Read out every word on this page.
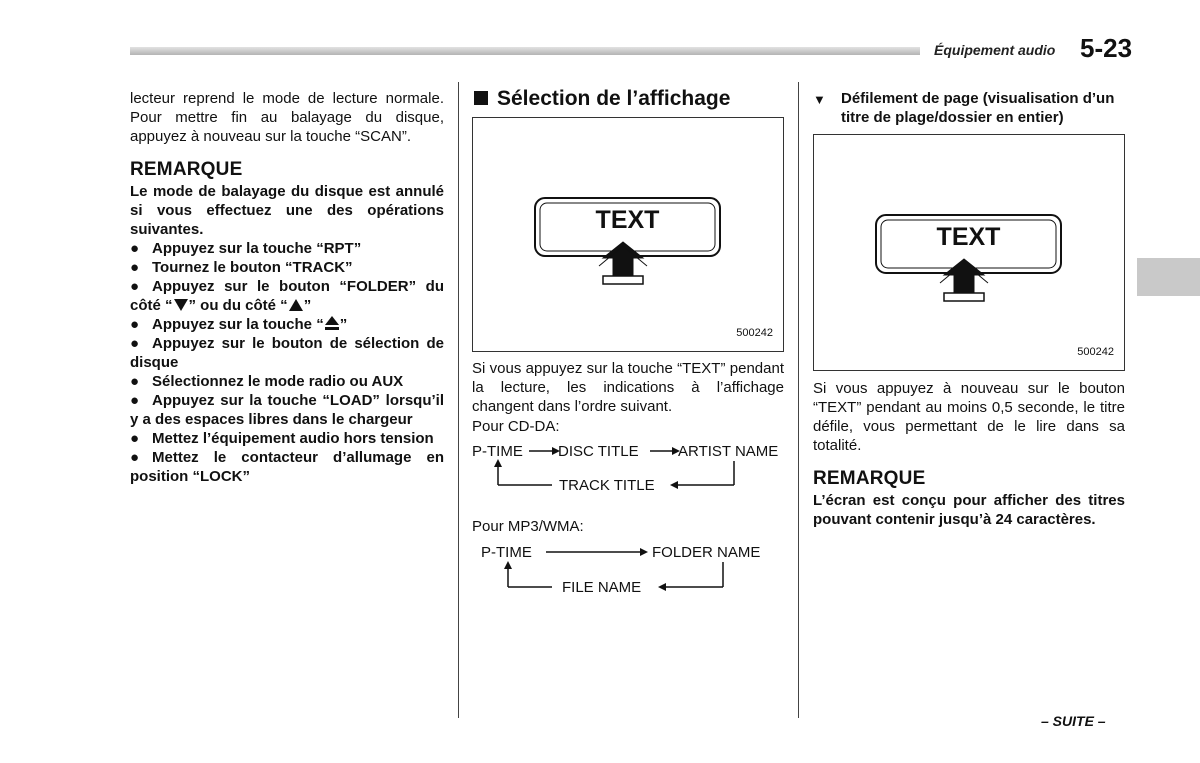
Équipement audio 5-23
lecteur reprend le mode de lecture normale. Pour mettre fin au balayage du disque, appuyez à nouveau sur la touche “SCAN”.
REMARQUE
Le mode de balayage du disque est annulé si vous effectuez une des opérations suivantes.
● Appuyez sur la touche “RPT”
● Tournez le bouton “TRACK”
● Appuyez sur le bouton “FOLDER” du côté “ ” ou du côté “ ”
● Appuyez sur la touche “ ”
● Appuyez sur le bouton de sélection de disque
● Sélectionnez le mode radio ou AUX
● Appuyez sur la touche “LOAD” lorsqu’il y a des espaces libres dans le chargeur
● Mettez l’équipement audio hors tension
● Mettez le contacteur d’allumage en position “LOCK”
Sélection de l’affichage
TEXT
500242
Si vous appuyez sur la touche “TEXT” pendant la lecture, les indications à l’affichage changent dans l’ordre suivant.
Pour CD-DA:
P-TIME DISC TITLE	ARTIST NAME
TRACK TITLE
Pour MP3/WMA:
P-TIME	FOLDER NAME
FILE NAME
▼	Défilement de page (visualisation d’un titre de plage/dossier en entier)
TEXT
500242
Si vous appuyez à nouveau sur le bouton “TEXT” pendant au moins 0,5 seconde, le titre défile, vous permettant de le lire dans sa totalité.
REMARQUE
L’écran est conçu pour afficher des titres pouvant contenir jusqu’à 24 caractères.
– SUITE –
